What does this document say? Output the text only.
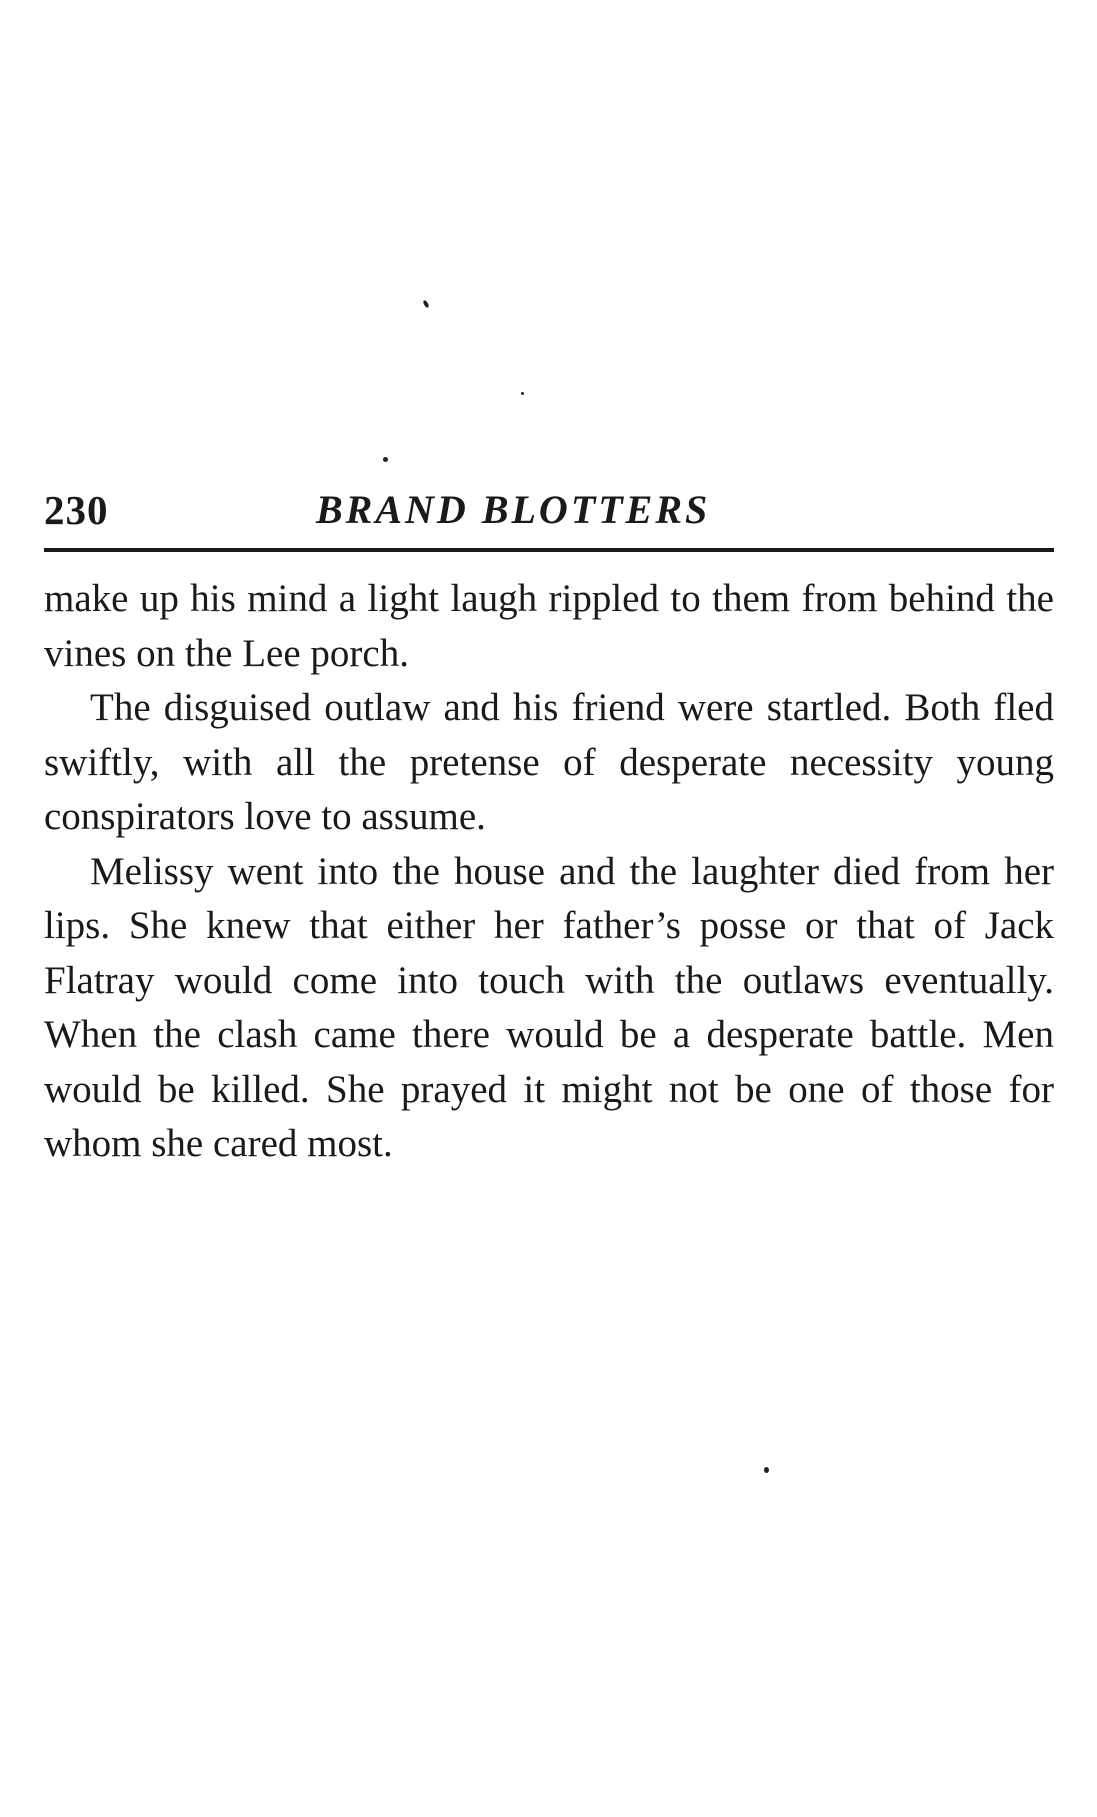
230	BRAND BLOTTERS

make up his mind a light laugh rippled to them from behind the vines on the Lee porch.

The disguised outlaw and his friend were startled. Both fled swiftly, with all the pretense of desperate necessity young conspirators love to assume.

Melissy went into the house and the laughter died from her lips. She knew that either her father’s posse or that of Jack Flatray would come into touch with the outlaws eventually. When the clash came there would be a desperate battle. Men would be killed. She prayed it might not be one of those for whom she cared most.
